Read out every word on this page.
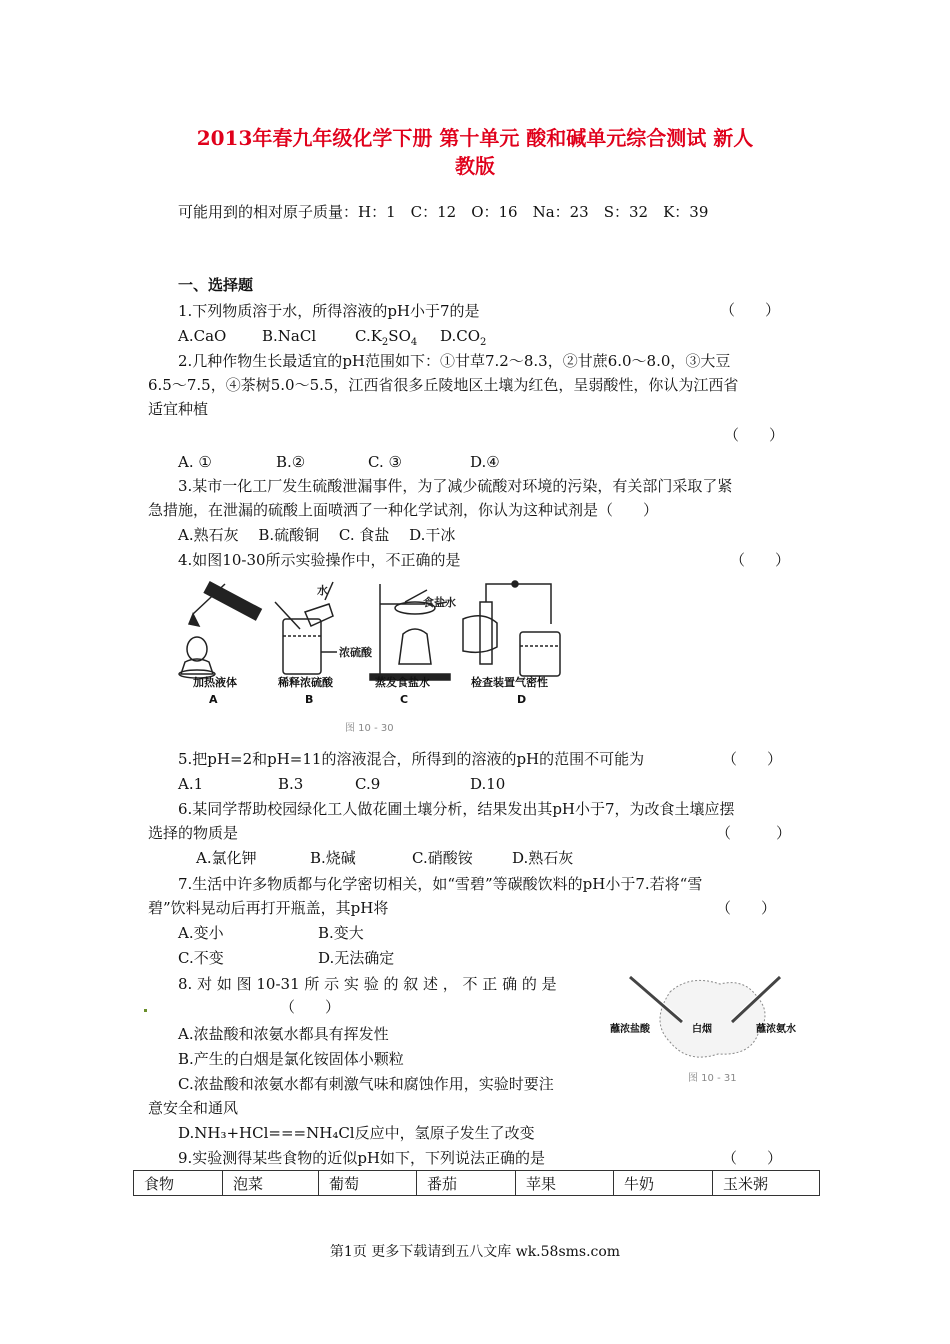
2013年春九年级化学下册 第十单元 酸和碱单元综合测试 新人
教版
可能用到的相对原子质量：H：1　C：12　O：16　Na：23　S：32　K：39
一、选择题
1.下列物质溶于水，所得溶液的pH小于7的是	（　　）
A.CaO B.NaCl	$C.K_2SO_4$ $D.CO_2$
2.几种作物生长最适宜的pH范围如下：①甘草7.2～8.3，②甘蔗6.0～8.0，③大豆
6.5～7.5，④茶树5.0～5.5，江西省很多丘陵地区土壤为红色，呈弱酸性，你认为江西省
适宜种植
（　　）
A. ①	B.②	C. ③	D.④
3.某市一化工厂发生硫酸泄漏事件，为了减少硫酸对环境的污染，有关部门采取了紧
急措施，在泄漏的硫酸上面喷洒了一种化学试剂，你认为这种试剂是（　　）
A.熟石灰　 B.硫酸铜　 C. 食盐　 D.干冰
4.如图10-30所示实验操作中，不正确的是	（　　）
水
浓硫酸
食盐水
加热液体
A
稀释浓硫酸
B
蒸发食盐水
C
检查装置气密性
D
图 10 - 30
5.把pH=2和pH=11的溶液混合，所得到的溶液的pH的范围不可能为	（　　）
A.1	B.3	C.9	D.10
6.某同学帮助校园绿化工人做花圃土壤分析，结果发出其pH小于7，为改食土壤应摆
选择的物质是	（　　　）
A.氯化钾	B.烧碱	C.硝酸铵	D.熟石灰
7.生活中许多物质都与化学密切相关，如“雪碧”等碳酸饮料的pH小于7.若将“雪
碧”饮料晃动后再打开瓶盖，其pH将	（　　）
A.变小	B.变大
C.不变	D.无法确定
8. 对 如 图 10-31 所 示 实 验 的 叙 述 ， 不 正 确 的 是
（　　）
A.浓盐酸和浓氨水都具有挥发性
B.产生的白烟是氯化铵固体小颗粒
C.浓盐酸和浓氨水都有刺激气味和腐蚀作用，实验时要注
意安全和通风
D.NH₃+HCl===NH₄Cl反应中，氢原子发生了改变
蘸浓盐酸	白烟	蘸浓氨水
图 10 - 31
9.实验测得某些食物的近似pH如下，下列说法正确的是	（　　）
食物	泡菜	葡萄	番茄	苹果	牛奶	玉米粥
第1页 更多下载请到五八文库 wk.58sms.com
